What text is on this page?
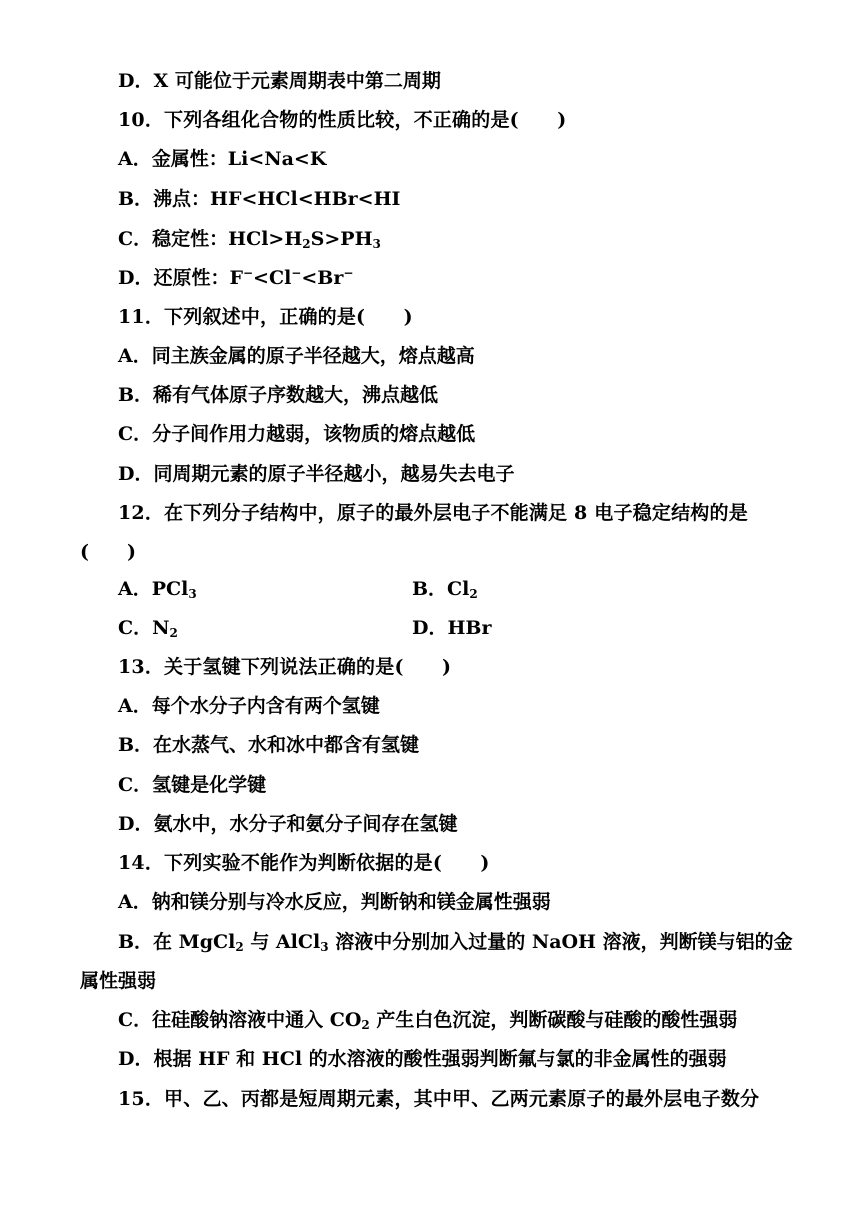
D．X 可能位于元素周期表中第二周期
10．下列各组化合物的性质比较，不正确的是(　　)
A．金属性：Li<Na<K
B．沸点：HF<HCl<HBr<HI
C．稳定性：$HCl>H_2S>PH_3$
D．还原性：F−<Cl−<Br−
11．下列叙述中，正确的是(　　)
A．同主族金属的原子半径越大，熔点越高
B．稀有气体原子序数越大，沸点越低
C．分子间作用力越弱，该物质的熔点越低
D．同周期元素的原子半径越小，越易失去电子
12．在下列分子结构中，原子的最外层电子不能满足 8 电子稳定结构的是
(　　)
A．PCl$_3$	B．$Cl_2$
C．$N_2$	D．HBr
13．关于氢键下列说法正确的是(　　)
A．每个水分子内含有两个氢键
B．在水蒸气、水和冰中都含有氢键
C．氢键是化学键
D．氨水中，水分子和氨分子间存在氢键
14．下列实验不能作为判断依据的是(　　)
A．钠和镁分别与冷水反应，判断钠和镁金属性强弱
B．在 MgCl$_2$ 与 AlCl$_3$ 溶液中分别加入过量的 NaOH 溶液，判断镁与铝的金
属性强弱
C．往硅酸钠溶液中通入 $CO_2$ 产生白色沉淀，判断碳酸与硅酸的酸性强弱
D．根据 HF 和 HCl 的水溶液的酸性强弱判断氟与氯的非金属性的强弱
15．甲、乙、丙都是短周期元素，其中甲、乙两元素原子的最外层电子数分
